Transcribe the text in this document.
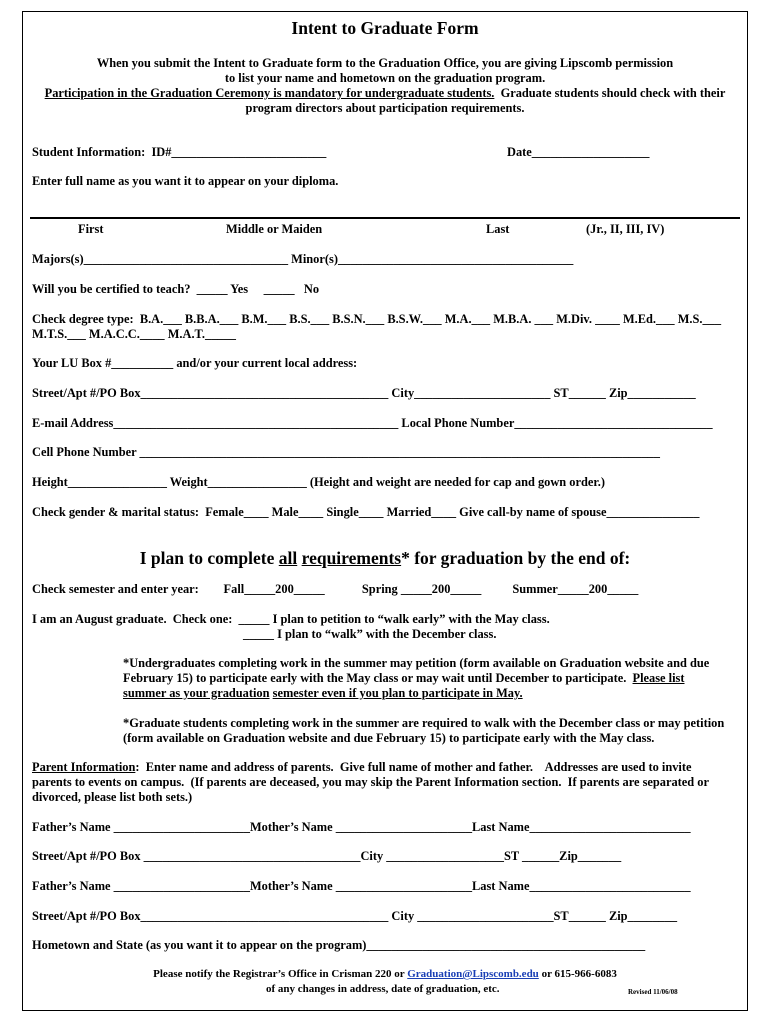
Intent to Graduate Form
When you submit the Intent to Graduate form to the Graduation Office, you are giving Lipscomb permission
to list your name and hometown on the graduation program.
Participation in the Graduation Ceremony is mandatory for undergraduate students.  Graduate students should check with their
program directors about participation requirements.
Student Information:  ID#_________________________	Date___________________
Enter full name as you want it to appear on your diploma.
First	Middle or Maiden	Last	(Jr., II, III, IV)
Majors(s)_________________________________ Minor(s)______________________________________
Will you be certified to teach?  _____ Yes     _____   No
Check degree type:  B.A.___ B.B.A.___ B.M.___ B.S.___ B.S.N.___ B.S.W.___ M.A.___ M.B.A. ___ M.Div. ____ M.Ed.___ M.S.___
M.T.S.___ M.A.C.C.____ M.A.T._____
Your LU Box #__________ and/or your current local address:
Street/Apt #/PO Box________________________________________ City______________________ ST______ Zip___________
E-mail Address______________________________________________ Local Phone Number________________________________
Cell Phone Number ____________________________________________________________________________________
Height________________ Weight________________ (Height and weight are needed for cap and gown order.)
Check gender & marital status:  Female____ Male____ Single____ Married____ Give call-by name of spouse_______________
I plan to complete all requirements* for graduation by the end of:
Check semester and enter year:        Fall_____200_____            Spring _____200_____          Summer_____200_____
I am an August graduate.  Check one:  _____ I plan to petition to “walk early” with the May class.
_____ I plan to “walk” with the December class.
*Undergraduates completing work in the summer may petition (form available on Graduation website and due
February 15) to participate early with the May class or may wait until December to participate.  Please list
summer as your graduation semester even if you plan to participate in May.
*Graduate students completing work in the summer are required to walk with the December class or may petition
(form available on Graduation website and due February 15) to participate early with the May class.
Parent Information:  Enter name and address of parents.  Give full name of mother and father.    Addresses are used to invite
parents to events on campus.  (If parents are deceased, you may skip the Parent Information section.  If parents are separated or
divorced, please list both sets.)
Father’s Name ______________________Mother’s Name ______________________Last Name__________________________
Street/Apt #/PO Box ___________________________________City ___________________ST ______Zip_______
Father’s Name ______________________Mother’s Name ______________________Last Name__________________________
Street/Apt #/PO Box________________________________________ City ______________________ST______ Zip________
Hometown and State (as you want it to appear on the program)_____________________________________________
Please notify the Registrar’s Office in Crisman 220 or Graduation@Lipscomb.edu or 615-966-6083
of any changes in address, date of graduation, etc.	Revised 11/06/08
